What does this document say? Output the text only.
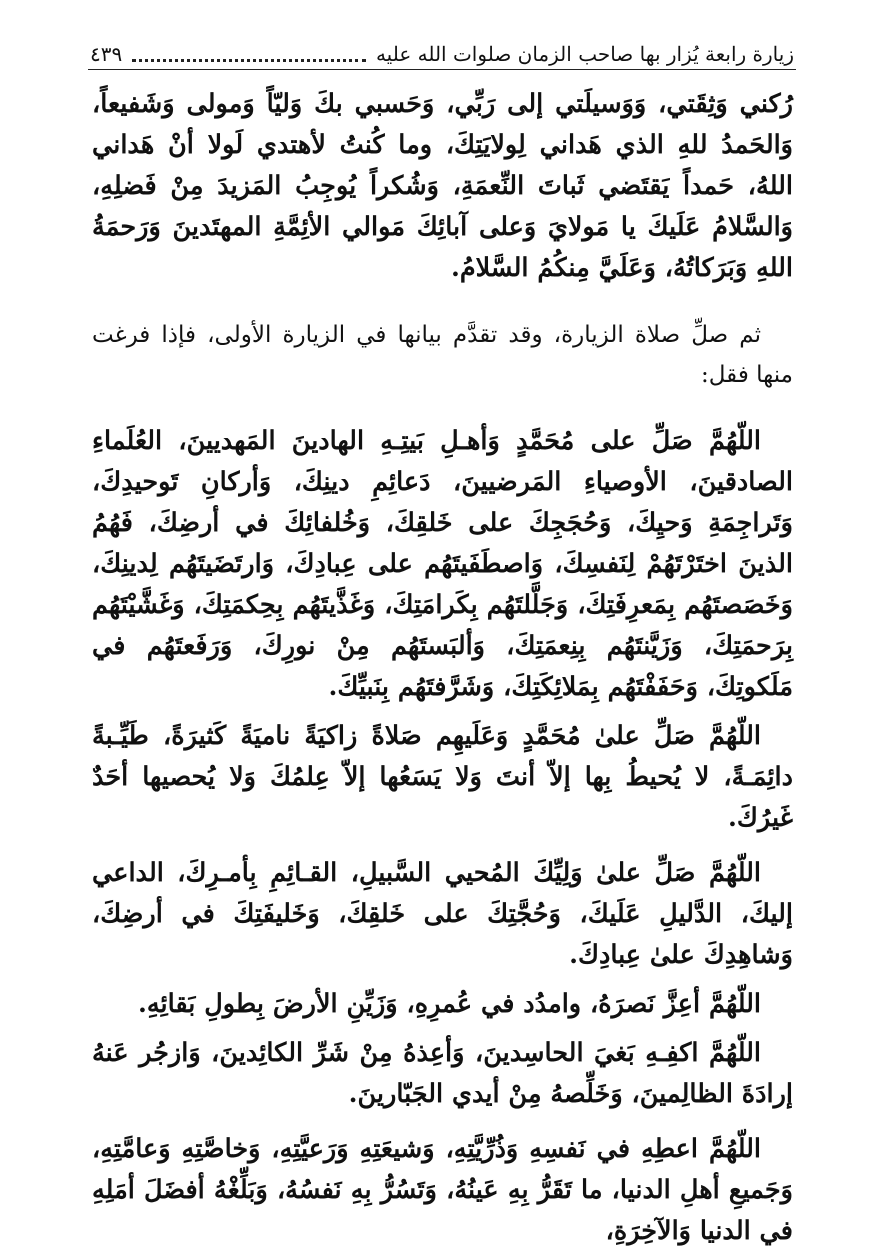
زيارة رابعة يُزار بها صاحب الزمان صلوات الله عليه
٤٣٩

رُكني وَثِقَتي، وَوَسيلَتي إلى رَبِّي، وَحَسبي بكَ وَليّاً وَمولى وَشَفيعاً، وَالحَمدُ للهِ الذي هَداني لِولايَتِكَ، وما كُنتُ لأهتدي لَولا أنْ هَداني اللهُ، حَمداً يَقتَضي ثَباتَ النِّعمَةِ، وَشُكراً يُوجِبُ المَزيدَ مِنْ فَضلِهِ، وَالسَّلامُ عَلَيكَ يا مَولايَ وَعلى آبائِكَ مَوالي الأئِمَّةِ المهتَدينَ وَرَحمَةُ اللهِ وَبَرَكاتُهُ، وَعَلَيَّ مِنكُمُ السَّلامُ.

ثم صلِّ صلاة الزيارة، وقد تقدَّم بيانها في الزيارة الأولى، فإذا فرغت منها فقل:

اللّهُمَّ صَلِّ على مُحَمَّدٍ وَأهـلِ بَيتِـهِ الهادينَ المَهديينَ، العُلَماءِ الصادقينَ، الأوصياءِ المَرضيينَ، دَعائِمِ دينِكَ، وَأركانِ تَوحيدِكَ، وَتَراجِمَةِ وَحيِكَ، وَحُجَجِكَ على خَلقِكَ، وَخُلفائِكَ في أرضِكَ، فَهُمُ الذينَ اختَرْتَهُمْ لِنَفسِكَ، وَاصطَفَيتَهُم على عِبادِكَ، وَارتَضَيتَهُم لِدينِكَ، وَخَصَصتَهُم بِمَعرِفَتِكَ، وَجَلَّلتَهُم بِكَرامَتِكَ، وَغَذَّيتَهُم بِحِكمَتِكَ، وَغَشَّيْتَهُم بِرَحمَتِكَ، وَزَيَّنتَهُم بِنِعمَتِكَ، وَألبَستَهُم مِنْ نورِكَ، وَرَفَعتَهُم في مَلَكوتِكَ، وَحَفَفْتَهُم بِمَلائِكَتِكَ، وَشَرَّفتَهُم بِنَبيِّكَ.

اللّهُمَّ صَلِّ علىٰ مُحَمَّدٍ وَعَلَيهِم صَلاةً زاكيَةً ناميَةً كَثيرَةً، طَيِّـبةً دائِمَـةً، لا يُحيطُ بِها إلاّ أنتَ وَلا يَسَعُها إلاّ عِلمُكَ وَلا يُحصيها أحَدٌ غَيرُكَ.

اللّهُمَّ صَلِّ علىٰ وَلِيِّكَ المُحيي السَّبيلِ، القـائِمِ بِأمـرِكَ، الداعي إليكَ، الدَّليلِ عَلَيكَ، وَحُجَّتِكَ على خَلقِكَ، وَخَليفَتِكَ في أرضِكَ، وَشاهِدِكَ علىٰ عِبادِكَ.

اللّهُمَّ أعِزَّ نَصرَهُ، وامدُد في عُمرِهِ، وَزَيِّنِ الأرضَ بِطولِ بَقائِهِ.

اللّهُمَّ اكفِـهِ بَغيَ الحاسِدينَ، وَأعِذهُ مِنْ شَرِّ الكائِدينَ، وَازجُر عَنهُ إرادَةَ الظالِمينَ، وَخَلِّصهُ مِنْ أيدي الجَبّارينَ.

اللّهُمَّ اعطِهِ في نَفسِهِ وَذُرِّيَّتِهِ، وَشيعَتِهِ وَرَعيَّتِهِ، وَخاصَّتِهِ وَعامَّتِهِ، وَجَميعِ أهلِ الدنيا، ما تَقَرُّ بِهِ عَينُهُ، وَتَسُرُّ بِهِ نَفسُهُ، وَبَلِّغْهُ أفضَلَ أمَلِهِ في الدنيا وَالآخِرَةِ،
